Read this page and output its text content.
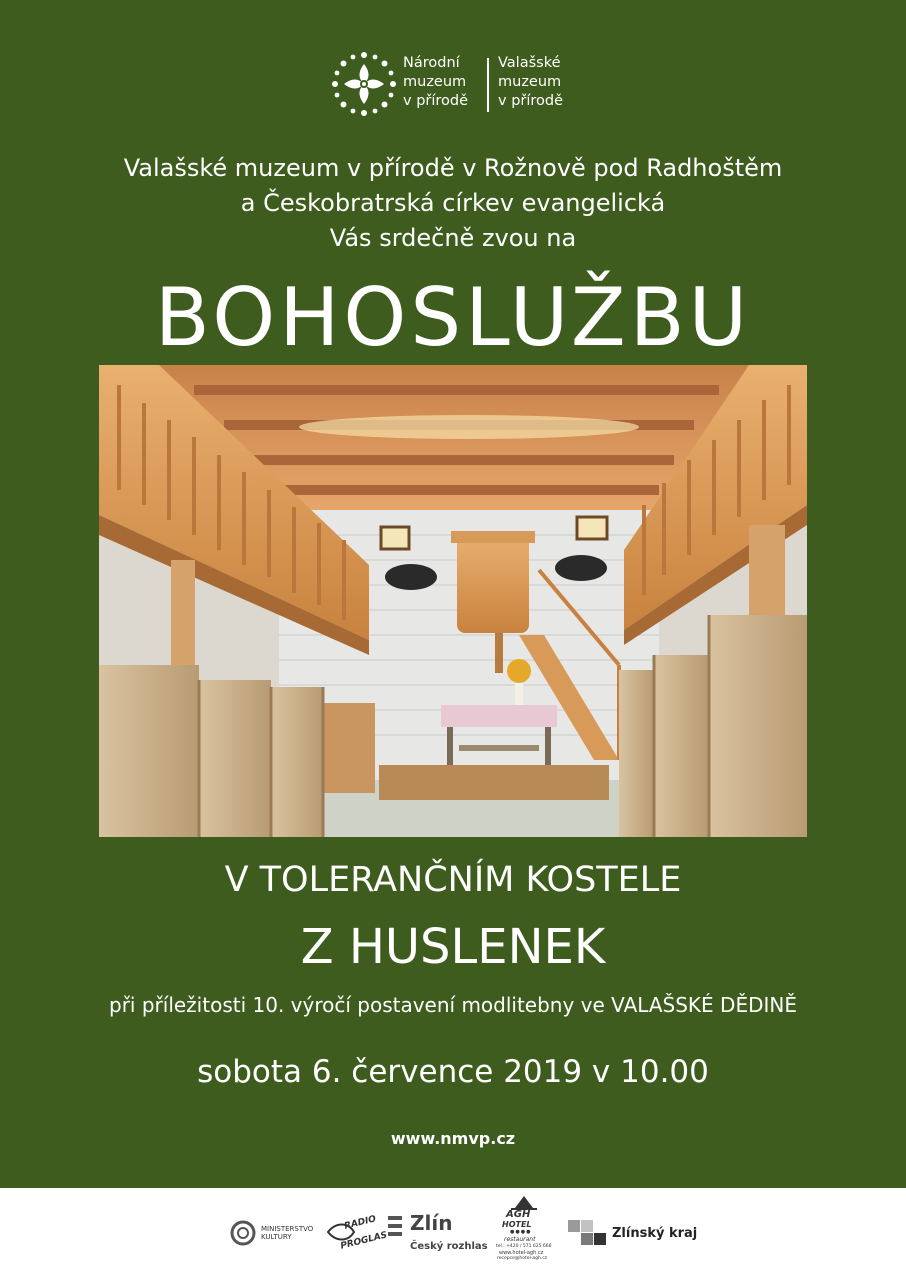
Národní
muzeum
v přírodě
Valašské
muzeum
v přírodě
Valašské muzeum v přírodě v Rožnově pod Radhoštěm
a Českobratrská církev evangelická
Vás srdečně zvou na
BOHOSLUŽBU
V TOLERANČNÍM KOSTELE
Z HUSLENEK
při příležitosti 10. výročí postavení modlitebny ve VALAŠSKÉ DĚDINĚ
sobota 6. července 2019 v 10.00
www.nmvp.cz
MINISTERSTVO
KULTURY
RADIO
PROGLAS
Zlín
Český rozhlas
AGH
HOTEL
●●●●
restaurant
tel.: +420 / 571 625 666
www.hotel-agh.cz
recepce@hotel-agh.cz
Zlínský kraj
